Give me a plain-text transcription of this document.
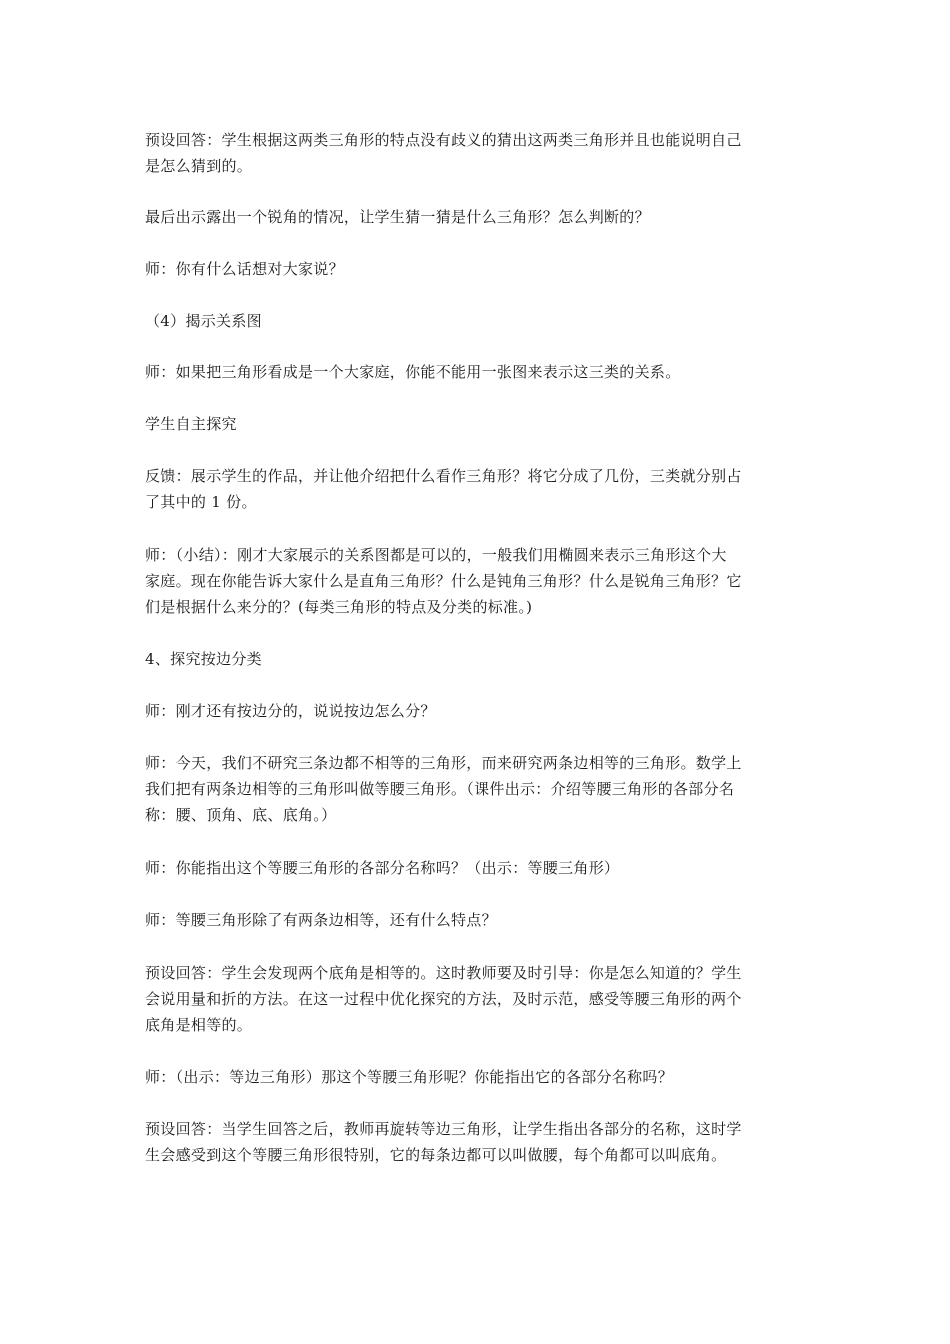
预设回答：学生根据这两类三角形的特点没有歧义的猜出这两类三角形并且也能说明自己
是怎么猜到的。
最后出示露出一个锐角的情况，让学生猜一猜是什么三角形？怎么判断的？
师：你有什么话想对大家说？
（4）揭示关系图
师：如果把三角形看成是一个大家庭，你能不能用一张图来表示这三类的关系。
学生自主探究
反馈：展示学生的作品，并让他介绍把什么看作三角形？将它分成了几份，三类就分别占
了其中的 1 份。
师：（小结）：刚才大家展示的关系图都是可以的，一般我们用椭圆来表示三角形这个大
家庭。现在你能告诉大家什么是直角三角形？什么是钝角三角形？什么是锐角三角形？它
们是根据什么来分的？(每类三角形的特点及分类的标准。)
4、探究按边分类
师：刚才还有按边分的，说说按边怎么分？
师：今天，我们不研究三条边都不相等的三角形，而来研究两条边相等的三角形。数学上
我们把有两条边相等的三角形叫做等腰三角形。（课件出示：介绍等腰三角形的各部分名
称：腰、顶角、底、底角。）
师：你能指出这个等腰三角形的各部分名称吗？（出示：等腰三角形）
师：等腰三角形除了有两条边相等，还有什么特点？
预设回答：学生会发现两个底角是相等的。这时教师要及时引导：你是怎么知道的？学生
会说用量和折的方法。在这一过程中优化探究的方法，及时示范，感受等腰三角形的两个
底角是相等的。
师：（出示：等边三角形）那这个等腰三角形呢？你能指出它的各部分名称吗？
预设回答：当学生回答之后，教师再旋转等边三角形，让学生指出各部分的名称，这时学
生会感受到这个等腰三角形很特别，它的每条边都可以叫做腰，每个角都可以叫底角。
